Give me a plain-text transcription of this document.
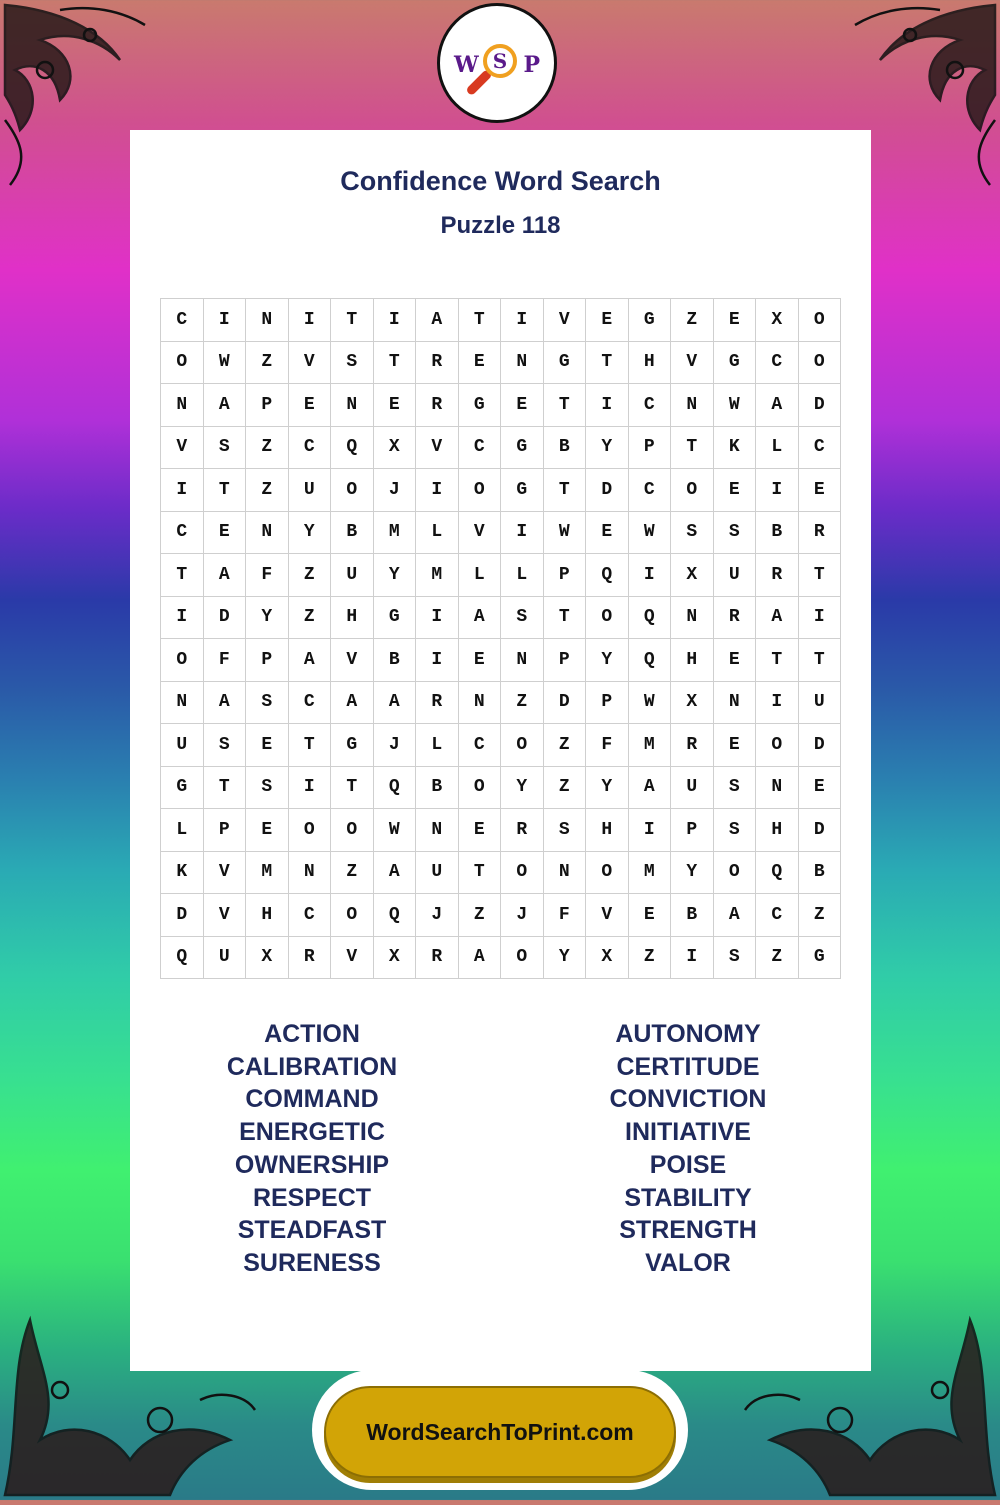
W S P
Confidence Word Search
Puzzle 118
C	I	N	I	T	I	A	T	I	V	E	G	Z	E	X	O
O	W	Z	V	S	T	R	E	N	G	T	H	V	G	C	O
N	A	P	E	N	E	R	G	E	T	I	C	N	W	A	D
V	S	Z	C	Q	X	V	C	G	B	Y	P	T	K	L	C
I	T	Z	U	O	J	I	O	G	T	D	C	O	E	I	E
C	E	N	Y	B	M	L	V	I	W	E	W	S	S	B	R
T	A	F	Z	U	Y	M	L	L	P	Q	I	X	U	R	T
I	D	Y	Z	H	G	I	A	S	T	O	Q	N	R	A	I
O	F	P	A	V	B	I	E	N	P	Y	Q	H	E	T	T
N	A	S	C	A	A	R	N	Z	D	P	W	X	N	I	U
U	S	E	T	G	J	L	C	O	Z	F	M	R	E	O	D
G	T	S	I	T	Q	B	O	Y	Z	Y	A	U	S	N	E
L	P	E	O	O	W	N	E	R	S	H	I	P	S	H	D
K	V	M	N	Z	A	U	T	O	N	O	M	Y	O	Q	B
D	V	H	C	O	Q	J	Z	J	F	V	E	B	A	C	Z
Q	U	X	R	V	X	R	A	O	Y	X	Z	I	S	Z	G
ACTION
CALIBRATION
COMMAND
ENERGETIC
OWNERSHIP
RESPECT
STEADFAST
SURENESS
AUTONOMY
CERTITUDE
CONVICTION
INITIATIVE
POISE
STABILITY
STRENGTH
VALOR
WordSearchToPrint.com
